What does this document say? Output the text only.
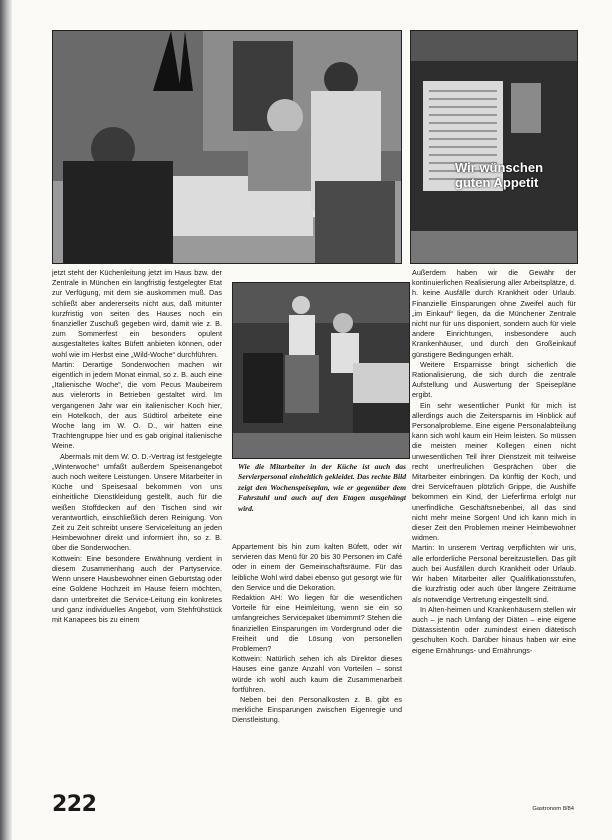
Wir wünschen guten Appetit
Wie die Mitarbeiter in der Küche ist auch das Servierpersonal einheitlich gekleidet. Das rechte Bild zeigt den Wochenspeiseplan, wie er gegenüber dem Fahrstuhl und auch auf den Etagen ausgehängt wird.

jetzt steht der Küchenleitung jetzt im Haus bzw. der Zentrale in München ein langfristig festgelegter Etat zur Verfügung, mit dem sie auskommen muß. Das schließt aber andererseits nicht aus, daß mitunter kurzfristig von seiten des Hauses noch ein finanzieller Zuschuß gegeben wird, damit wie z. B. zum Sommerfest ein besonders opulent ausgestaltetes kaltes Büfett anbieten können, oder wohl wie im Herbst eine „Wild-Woche“ durchführen.

Martin: Derartige Sonderwochen machen wir eigentlich in jedem Monat einmal, so z. B. auch eine „Italienische Woche“, die vom Pecus Maubeirem aus vielerorts in Betrieben gestaltet wird. Im vergangenen Jahr war ein italienischer Koch hier, ein Hotelkoch, der aus Südtirol arbeitete eine Woche lang im W. O. D., wir hatten eine Trachtengruppe hier und es gab original italienische Weine.

Abermals mit dem W. O. D.-Vertrag ist festgelegte „Winterwoche“ umfaßt außerdem Speisenangebot auch noch weitere Leistungen. Unsere Mitarbeiter in Küche und Speisesaal bekommen von uns einheitliche Dienstkleidung gestellt, auch für die weißen Stoffdecken auf den Tischen sind wir verantwortlich, einschließlich deren Reinigung. Von Zeit zu Zeit schreibt unsere Serviceleitung an jeden Heimbewohner direkt und informiert ihn, so z. B. über die Sonderwochen.

Kottwein: Eine besondere Erwähnung verdient in diesem Zusammenhang auch der Partyservice. Wenn unsere Hausbewohner einen Geburtstag oder eine Goldene Hochzeit im Hause feiern möchten, dann unterbreitet die Service-Leitung ein konkretes und ganz individuelles Angebot, vom Stehfrühstück mit Kanapees bis zu einem

Appartement bis hin zum kalten Büfett, oder wir servieren das Menü für 20 bis 30 Personen im Café oder in einem der Gemeinschaftsräume. Für das leibliche Wohl wird dabei ebenso gut gesorgt wie für den Service und die Dekoration.

Redaktion AH: Wo liegen für die wesentlichen Vorteile für eine Heimleitung, wenn sie ein so umfangreiches Servicepaket übernimmt? Stehen die finanziellen Einsparungen im Vordergrund oder die Freiheit und die Lösung von personellen Problemen?

Kottwein: Natürlich sehen ich als Direktor dieses Hauses eine ganze Anzahl von Vorteilen – sonst würde ich wohl auch kaum die Zusammenarbeit fortführen.

Neben bei den Personalkosten z. B. gibt es merkliche Einsparungen zwischen Eigenregie und Dienstleistung.

Außerdem haben wir die Gewähr der kontinuierlichen Realisierung aller Arbeitsplätze, d. h. keine Ausfälle durch Krankheit oder Urlaub. Finanzielle Einsparungen ohne Zweifel auch für „im Einkauf“ liegen, da die Münchener Zentrale nicht nur für uns disponiert, sondern auch für viele andere Einrichtungen, insbesondere auch Krankenhäuser, und durch den Großeinkauf günstigere Bedingungen erhält.

Weitere Ersparnisse bringt sicherlich die Rationalisierung, die sich durch die zentrale Aufstellung und Auswertung der Speisepläne ergibt.

Ein sehr wesentlicher Punkt für mich ist allerdings auch die Zeitersparnis im Hinblick auf Personalprobleme. Eine eigene Personalabteilung kann sich wohl kaum ein Heim leisten. So müssen die meisten meiner Kollegen einen nicht unwesentlichen Teil ihrer Dienstzeit mit teilweise recht unerfreulichen Gesprächen über die Mitarbeiter einbringen. Da künftig der Koch, und drei Servicefrauen plötzlich Grippe, die Aushilfe bekommen ein Kind, der Lieferfirma erfolgt nur unerfindliche Geschäftsnebenbei, all das sind nicht mehr meine Sorgen! Und ich kann mich in dieser Zeit den Problemen meiner Heimbewohner widmen.

Martin: In unserem Vertrag verpflichten wir uns, alle erforderliche Personal bereitzustellen. Das gilt auch bei Ausfällen durch Krankheit oder Urlaub. Wir haben Mitarbeiter aller Qualifikationsstufen, die kurzfristig oder auch über längere Zeiträume als notwendige Vertretung eingestellt sind.

In Alten-heimen und Krankenhäusern stellen wir auch – je nach Umfang der Diäten – eine eigene Diätassistentin oder zumindest einen diätetisch geschulten Koch. Darüber hinaus haben wir eine eigene Ernährungs- und Ernährungs-

222	Gastronom 8/84
